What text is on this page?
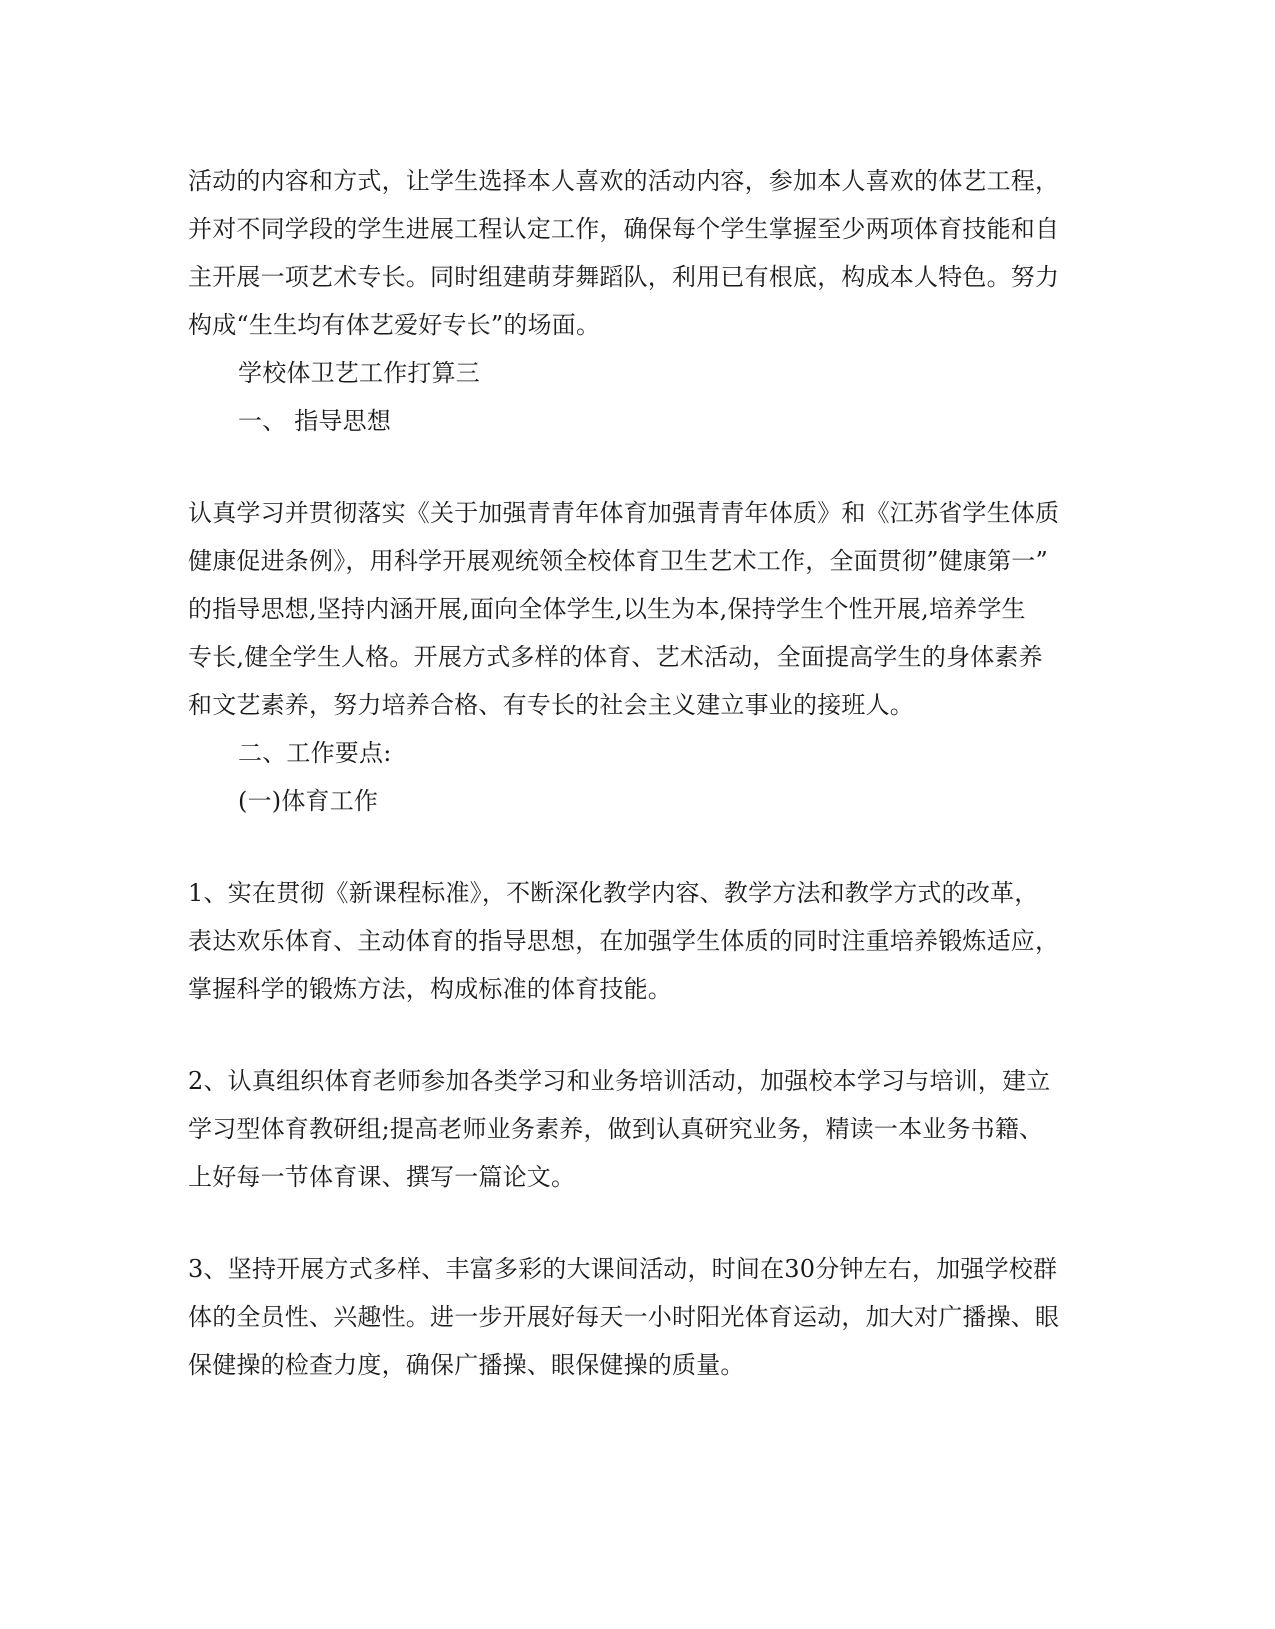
活动的内容和方式，让学生选择本人喜欢的活动内容，参加本人喜欢的体艺工程，
并对不同学段的学生进展工程认定工作，确保每个学生掌握至少两项体育技能和自
主开展一项艺术专长。同时组建萌芽舞蹈队，利用已有根底，构成本人特色。努力
构成“生生均有体艺爱好专长”的场面。
学校体卫艺工作打算三
一、 指导思想
认真学习并贯彻落实《关于加强青青年体育加强青青年体质》和《江苏省学生体质
健康促进条例》，用科学开展观统领全校体育卫生艺术工作，全面贯彻”健康第一”
的指导思想,坚持内涵开展,面向全体学生,以生为本,保持学生个性开展,培养学生
专长,健全学生人格。开展方式多样的体育、艺术活动，全面提高学生的身体素养
和文艺素养，努力培养合格、有专长的社会主义建立事业的接班人。
二、工作要点:
(一)体育工作
1、实在贯彻《新课程标准》，不断深化教学内容、教学方法和教学方式的改革，
表达欢乐体育、主动体育的指导思想，在加强学生体质的同时注重培养锻炼适应，
掌握科学的锻炼方法，构成标准的体育技能。
2、认真组织体育老师参加各类学习和业务培训活动，加强校本学习与培训，建立
学习型体育教研组;提高老师业务素养，做到认真研究业务，精读一本业务书籍、
上好每一节体育课、撰写一篇论文。
3、坚持开展方式多样、丰富多彩的大课间活动，时间在30分钟左右，加强学校群
体的全员性、兴趣性。进一步开展好每天一小时阳光体育运动，加大对广播操、眼
保健操的检查力度，确保广播操、眼保健操的质量。
